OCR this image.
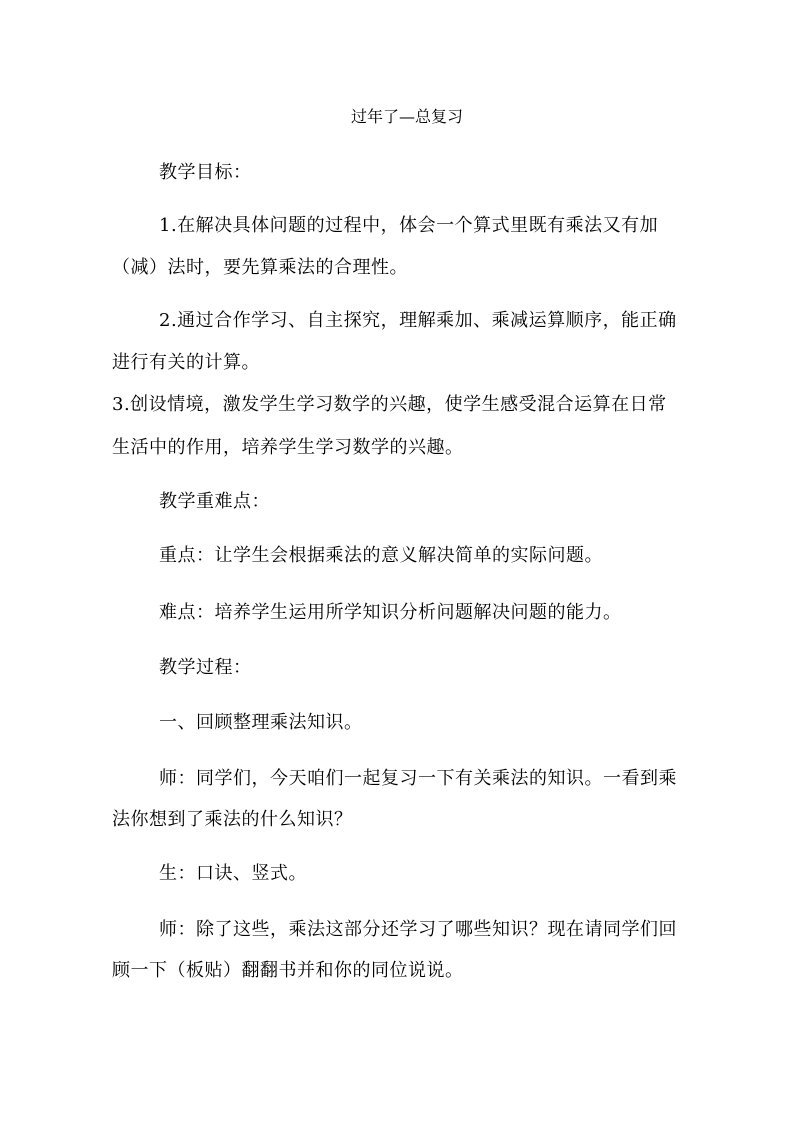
过年了—总复习
教学目标：
1.在解决具体问题的过程中，体会一个算式里既有乘法又有加
（减）法时，要先算乘法的合理性。
2.通过合作学习、自主探究，理解乘加、乘减运算顺序，能正确
进行有关的计算。
3.创设情境，激发学生学习数学的兴趣，使学生感受混合运算在日常
生活中的作用，培养学生学习数学的兴趣。
教学重难点：
重点：让学生会根据乘法的意义解决简单的实际问题。
难点：培养学生运用所学知识分析问题解决问题的能力。
教学过程：
一、回顾整理乘法知识。
师：同学们，今天咱们一起复习一下有关乘法的知识。一看到乘
法你想到了乘法的什么知识？
生：口诀、竖式。
师：除了这些，乘法这部分还学习了哪些知识？现在请同学们回
顾一下（板贴）翻翻书并和你的同位说说。
